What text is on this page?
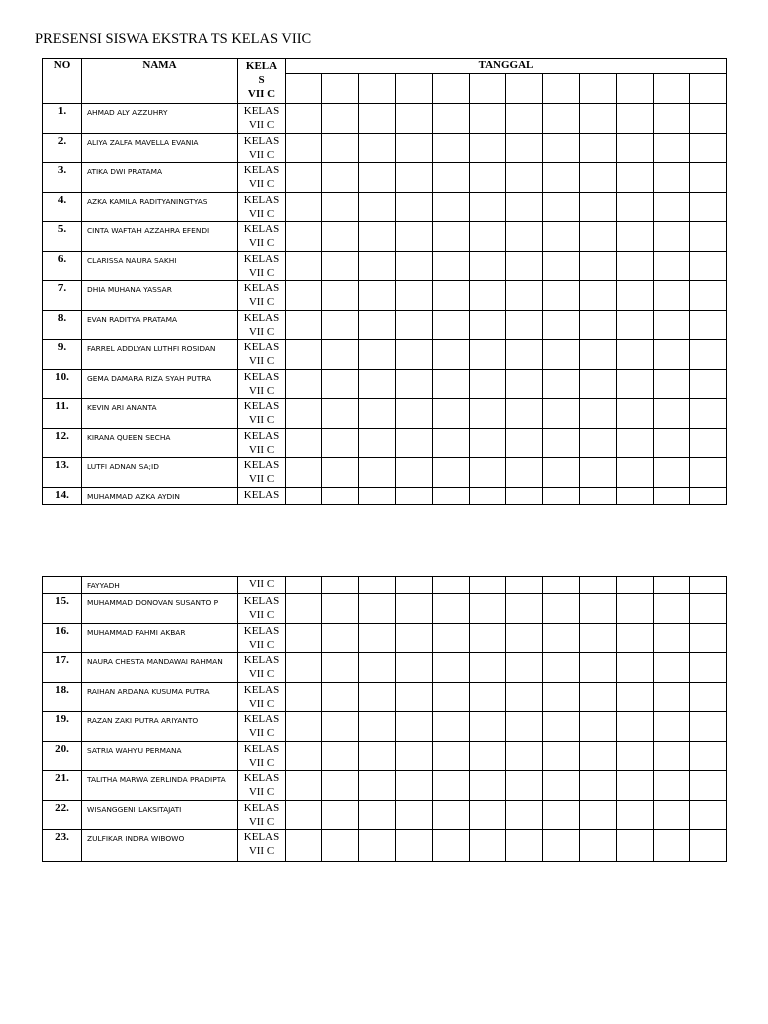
PRESENSI SISWA EKSTRA TS KELAS VIIC
NO	NAMA	KELA
S
VII C	TANGGAL											

1.	AHMAD ALY AZZUHRY	KELAS
VII C												

2.	ALIYA ZALFA MAVELLA EVANIA	KELAS
VII C												

3.	ATIKA DWI PRATAMA	KELAS
VII C												

4.	AZKA KAMILA RADITYANINGTYAS	KELAS
VII C												

5.	CINTA WAFTAH AZZAHRA EFENDI	KELAS
VII C												

6.	CLARISSA NAURA SAKHI	KELAS
VII C												

7.	DHIA MUHANA YASSAR	KELAS
VII C												

8.	EVAN RADITYA PRATAMA	KELAS
VII C												

9.	FARREL ADDLYAN LUTHFI ROSIDAN	KELAS
VII C												

10.	GEMA DAMARA RIZA SYAH PUTRA	KELAS
VII C												

11.	KEVIN ARI ANANTA	KELAS
VII C												

12.	KIRANA QUEEN SECHA	KELAS
VII C												

13.	LUTFI ADNAN SA;ID	KELAS
VII C												

14.	MUHAMMAD AZKA AYDIN	KELAS												

	FAYYADH	VII C												

15.	MUHAMMAD DONOVAN SUSANTO P	KELAS
VII C												

16.	MUHAMMAD FAHMI AKBAR	KELAS
VII C												

17.	NAURA CHESTA MANDAWAI RAHMAN	KELAS
VII C												

18.	RAIHAN ARDANA KUSUMA PUTRA	KELAS
VII C												

19.	RAZAN ZAKI PUTRA ARIYANTO	KELAS
VII C												

20.	SATRIA WAHYU PERMANA	KELAS
VII C												

21.	TALITHA MARWA ZERLINDA PRADIPTA	KELAS
VII C												

22.	WISANGGENI LAKSITAJATI	KELAS
VII C												

23.	ZULFIKAR INDRA WIBOWO	KELAS
VII C												
